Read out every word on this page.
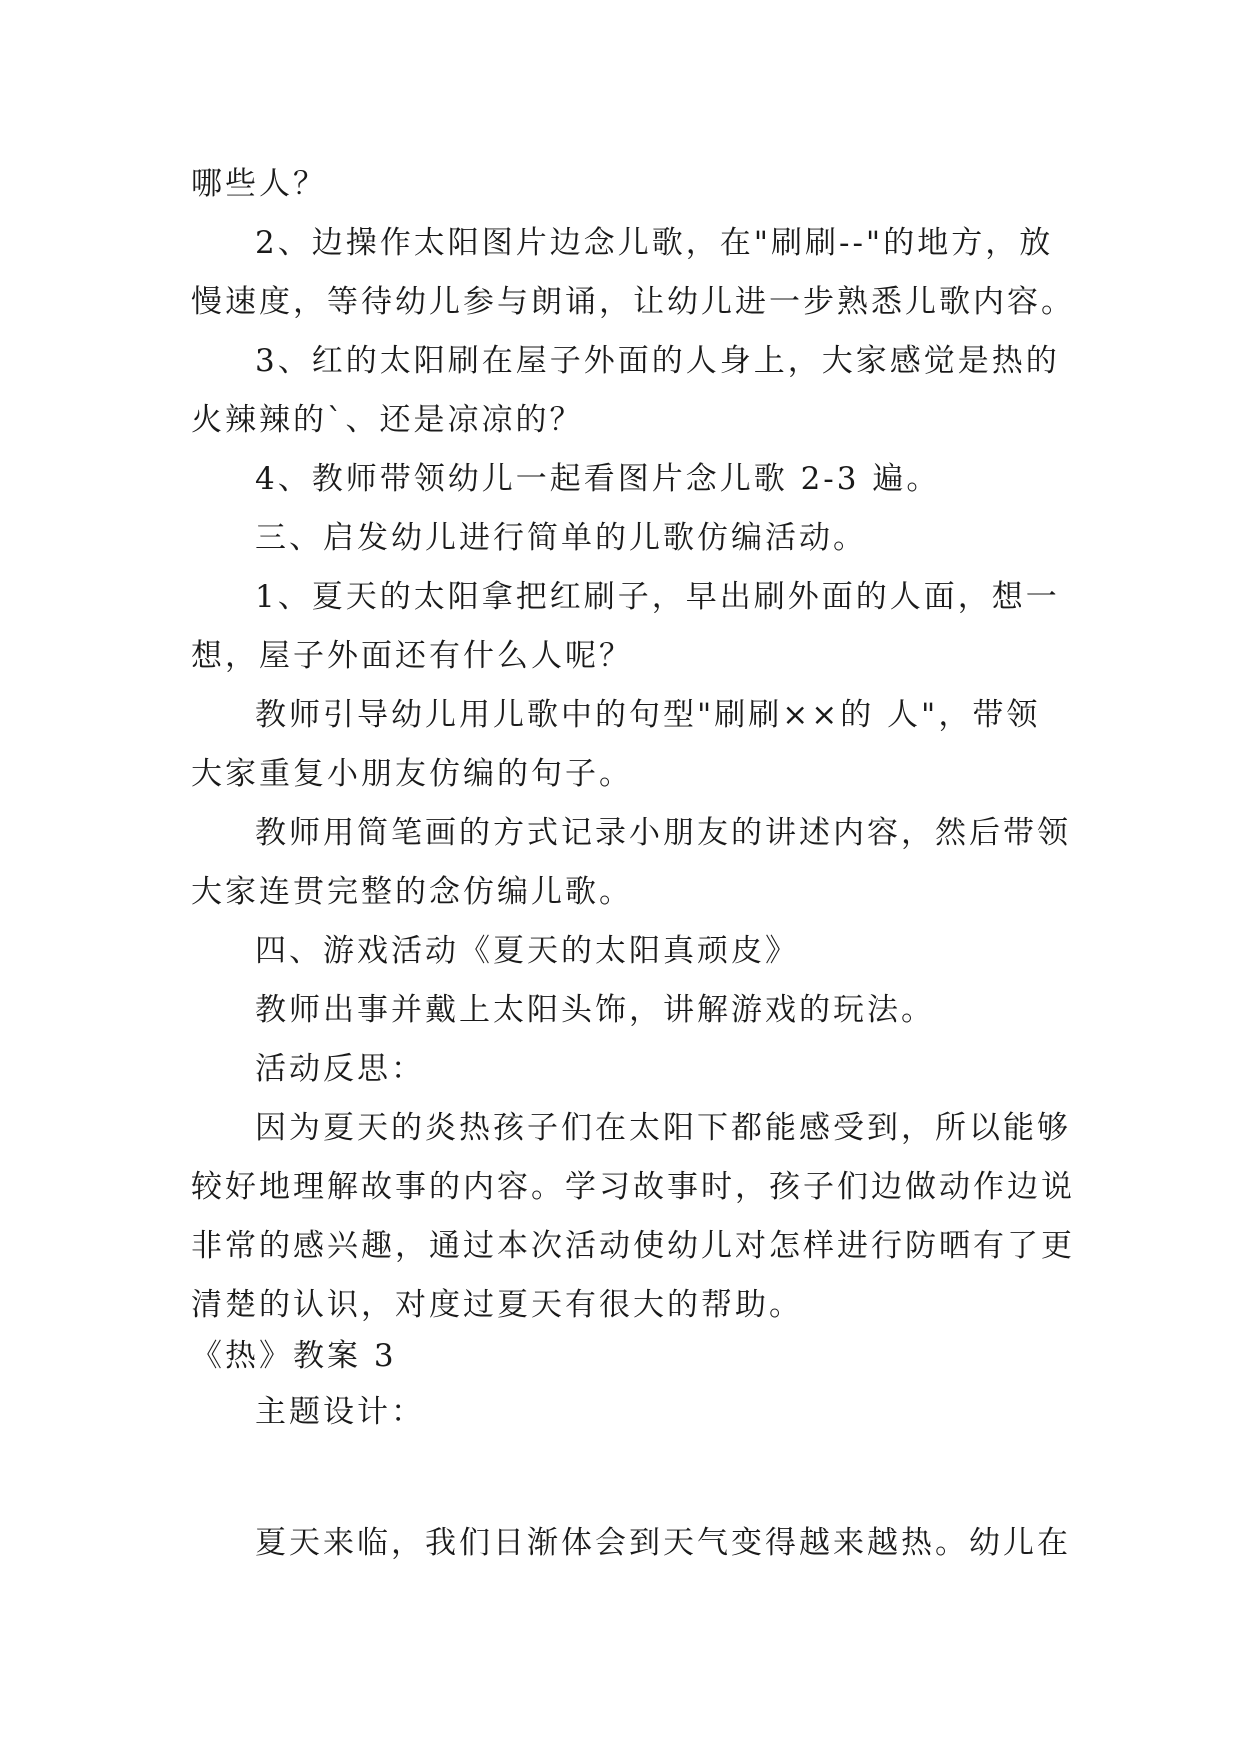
哪些人？
2、边操作太阳图片边念儿歌，在"刷刷--"的地方，放
慢速度，等待幼儿参与朗诵，让幼儿进一步熟悉儿歌内容。
3、红的太阳刷在屋子外面的人身上，大家感觉是热的
火辣辣的`、还是凉凉的？
4、教师带领幼儿一起看图片念儿歌 2-3 遍。
三、启发幼儿进行简单的儿歌仿编活动。
1、夏天的太阳拿把红刷子，早出刷外面的人面，想一
想，屋子外面还有什么人呢？
教师引导幼儿用儿歌中的句型"刷刷××的 人"，带领
大家重复小朋友仿编的句子。
教师用简笔画的方式记录小朋友的讲述内容，然后带领
大家连贯完整的念仿编儿歌。
四、游戏活动《夏天的太阳真顽皮》
教师出事并戴上太阳头饰，讲解游戏的玩法。
活动反思：
因为夏天的炎热孩子们在太阳下都能感受到，所以能够
较好地理解故事的内容。学习故事时，孩子们边做动作边说
非常的感兴趣，通过本次活动使幼儿对怎样进行防晒有了更
清楚的认识，对度过夏天有很大的帮助。
《热》教案 3
主题设计：
夏天来临，我们日渐体会到天气变得越来越热。幼儿在
